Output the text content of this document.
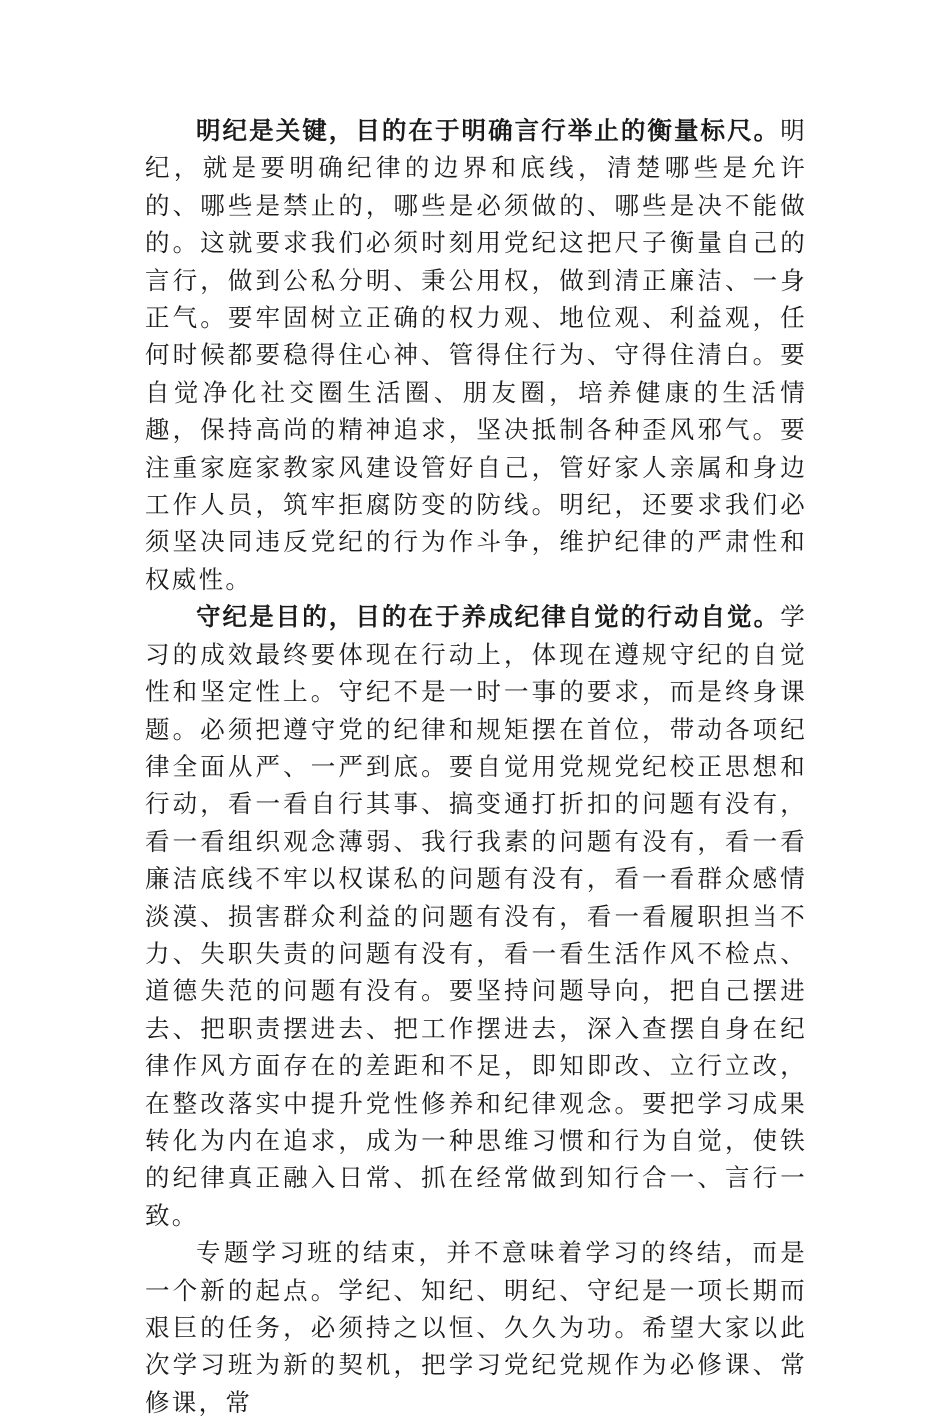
明纪是关键，目的在于明确言行举止的衡量标尺。明纪，就是要明确纪律的边界和底线，清楚哪些是允许的、哪些是禁止的，哪些是必须做的、哪些是决不能做的。这就要求我们必须时刻用党纪这把尺子衡量自己的言行，做到公私分明、秉公用权，做到清正廉洁、一身正气。要牢固树立正确的权力观、地位观、利益观，任何时候都要稳得住心神、管得住行为、守得住清白。要自觉净化社交圈生活圈、朋友圈，培养健康的生活情趣，保持高尚的精神追求，坚决抵制各种歪风邪气。要注重家庭家教家风建设管好自己，管好家人亲属和身边工作人员，筑牢拒腐防变的防线。明纪，还要求我们必须坚决同违反党纪的行为作斗争，维护纪律的严肃性和权威性。

守纪是目的，目的在于养成纪律自觉的行动自觉。学习的成效最终要体现在行动上，体现在遵规守纪的自觉性和坚定性上。守纪不是一时一事的要求，而是终身课题。必须把遵守党的纪律和规矩摆在首位，带动各项纪律全面从严、一严到底。要自觉用党规党纪校正思想和行动，看一看自行其事、搞变通打折扣的问题有没有，看一看组织观念薄弱、我行我素的问题有没有，看一看廉洁底线不牢以权谋私的问题有没有，看一看群众感情淡漠、损害群众利益的问题有没有，看一看履职担当不力、失职失责的问题有没有，看一看生活作风不检点、道德失范的问题有没有。要坚持问题导向，把自己摆进去、把职责摆进去、把工作摆进去，深入查摆自身在纪律作风方面存在的差距和不足，即知即改、立行立改，在整改落实中提升党性修养和纪律观念。要把学习成果转化为内在追求，成为一种思维习惯和行为自觉，使铁的纪律真正融入日常、抓在经常做到知行合一、言行一致。

专题学习班的结束，并不意味着学习的终结，而是一个新的起点。学纪、知纪、明纪、守纪是一项长期而艰巨的任务，必须持之以恒、久久为功。希望大家以此次学习班为新的契机，把学习党纪党规作为必修课、常修课，常
